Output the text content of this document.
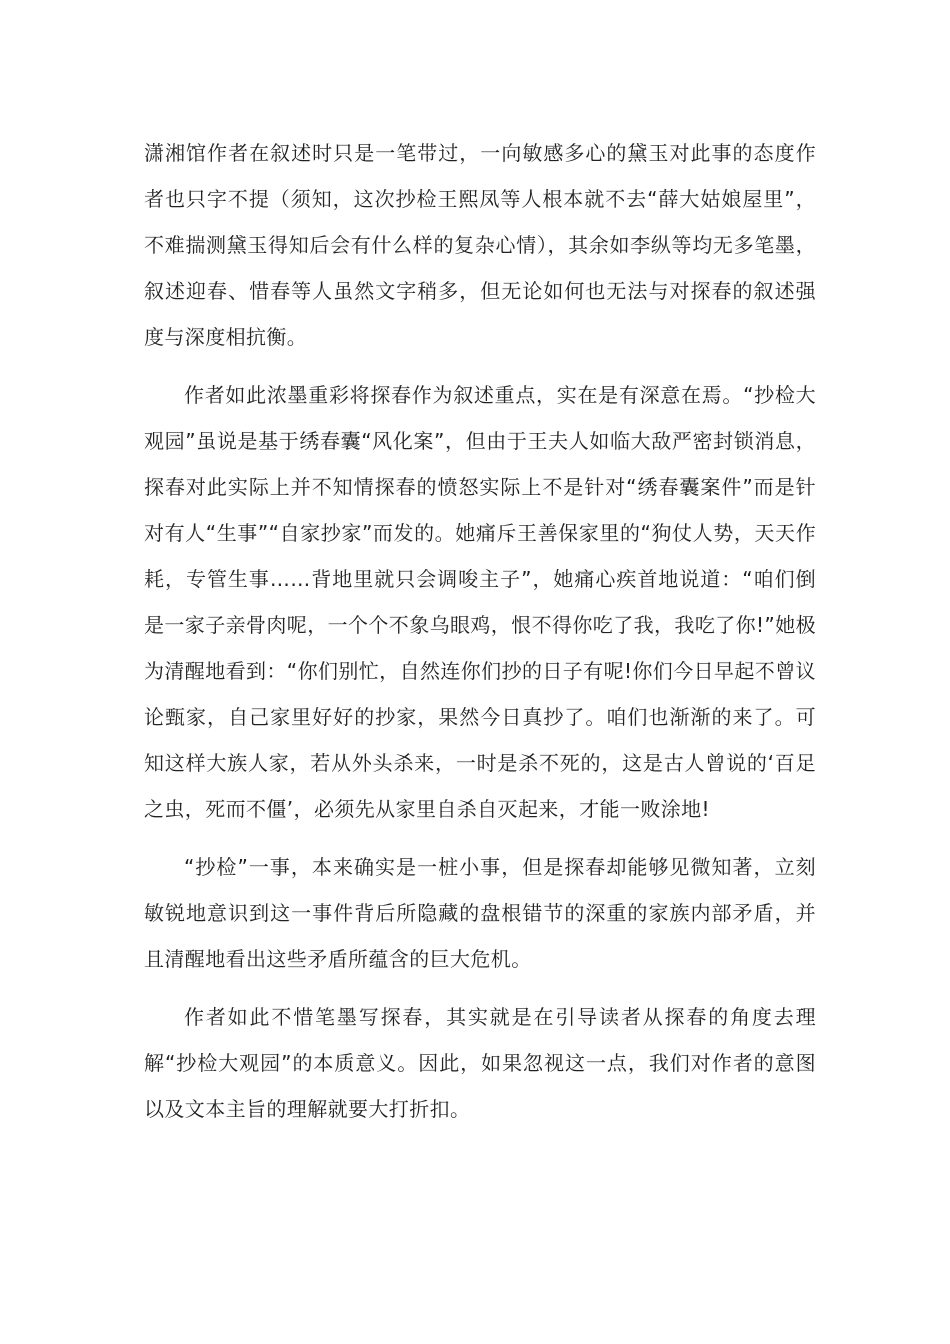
潇湘馆作者在叙述时只是一笔带过，一向敏感多心的黛玉对此事的态度作者也只字不提（须知，这次抄检王熙凤等人根本就不去“薛大姑娘屋里”，不难揣测黛玉得知后会有什么样的复杂心情），其余如李纵等均无多笔墨，叙述迎春、惜春等人虽然文字稍多，但无论如何也无法与对探春的叙述强度与深度相抗衡。

作者如此浓墨重彩将探春作为叙述重点，实在是有深意在焉。“抄检大观园”虽说是基于绣春囊“风化案”，但由于王夫人如临大敌严密封锁消息，探春对此实际上并不知情探春的愤怒实际上不是针对“绣春囊案件”而是针对有人“生事”“自家抄家”而发的。她痛斥王善保家里的“狗仗人势，天天作耗，专管生事……背地里就只会调唆主子”，她痛心疾首地说道：“咱们倒是一家子亲骨肉呢，一个个不象乌眼鸡，恨不得你吃了我，我吃了你!”她极为清醒地看到：“你们别忙，自然连你们抄的日子有呢!你们今日早起不曾议论甄家，自己家里好好的抄家，果然今日真抄了。咱们也渐渐的来了。可知这样大族人家，若从外头杀来，一时是杀不死的，这是古人曾说的‘百足之虫，死而不僵’，必须先从家里自杀自灭起来，才能一败涂地!

“抄检”一事，本来确实是一桩小事，但是探春却能够见微知著，立刻敏锐地意识到这一事件背后所隐藏的盘根错节的深重的家族内部矛盾，并且清醒地看出这些矛盾所蕴含的巨大危机。

作者如此不惜笔墨写探春，其实就是在引导读者从探春的角度去理解“抄检大观园”的本质意义。因此，如果忽视这一点，我们对作者的意图以及文本主旨的理解就要大打折扣。
